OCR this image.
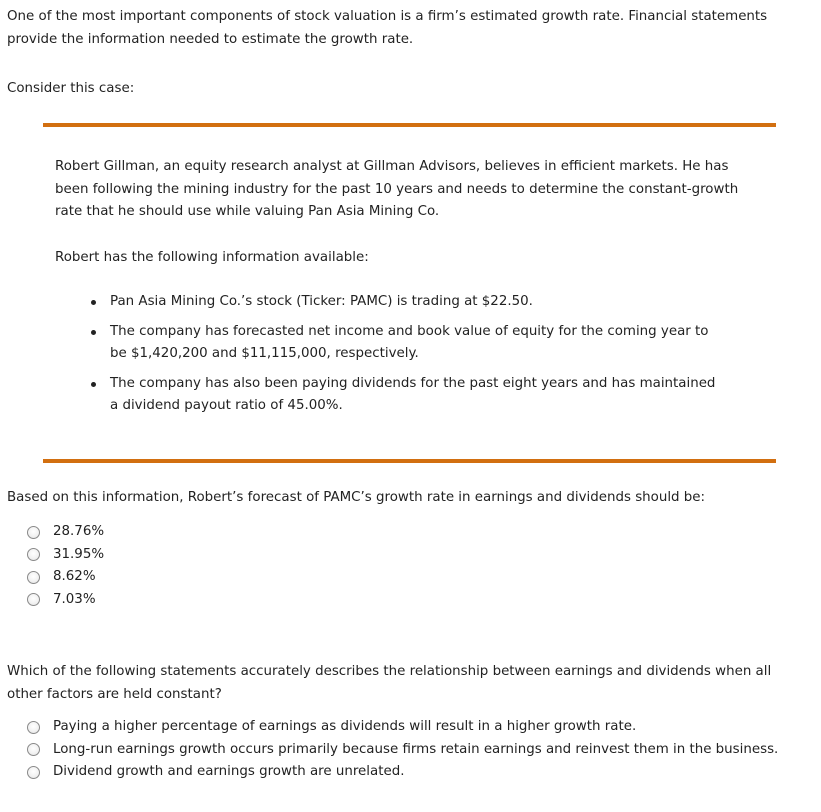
One of the most important components of stock valuation is a firm’s estimated growth rate. Financial statements
provide the information needed to estimate the growth rate.

Consider this case:

Robert Gillman, an equity research analyst at Gillman Advisors, believes in efficient markets. He has
been following the mining industry for the past 10 years and needs to determine the constant-growth
rate that he should use while valuing Pan Asia Mining Co.

Robert has the following information available:

Pan Asia Mining Co.’s stock (Ticker: PAMC) is trading at $22.50.
The company has forecasted net income and book value of equity for the coming year to
be $1,420,200 and $11,115,000, respectively.
The company has also been paying dividends for the past eight years and has maintained
a dividend payout ratio of 45.00%.

Based on this information, Robert’s forecast of PAMC’s growth rate in earnings and dividends should be:

28.76%
31.95%
8.62%
7.03%

Which of the following statements accurately describes the relationship between earnings and dividends when all
other factors are held constant?

Paying a higher percentage of earnings as dividends will result in a higher growth rate.
Long-run earnings growth occurs primarily because firms retain earnings and reinvest them in the business.
Dividend growth and earnings growth are unrelated.
